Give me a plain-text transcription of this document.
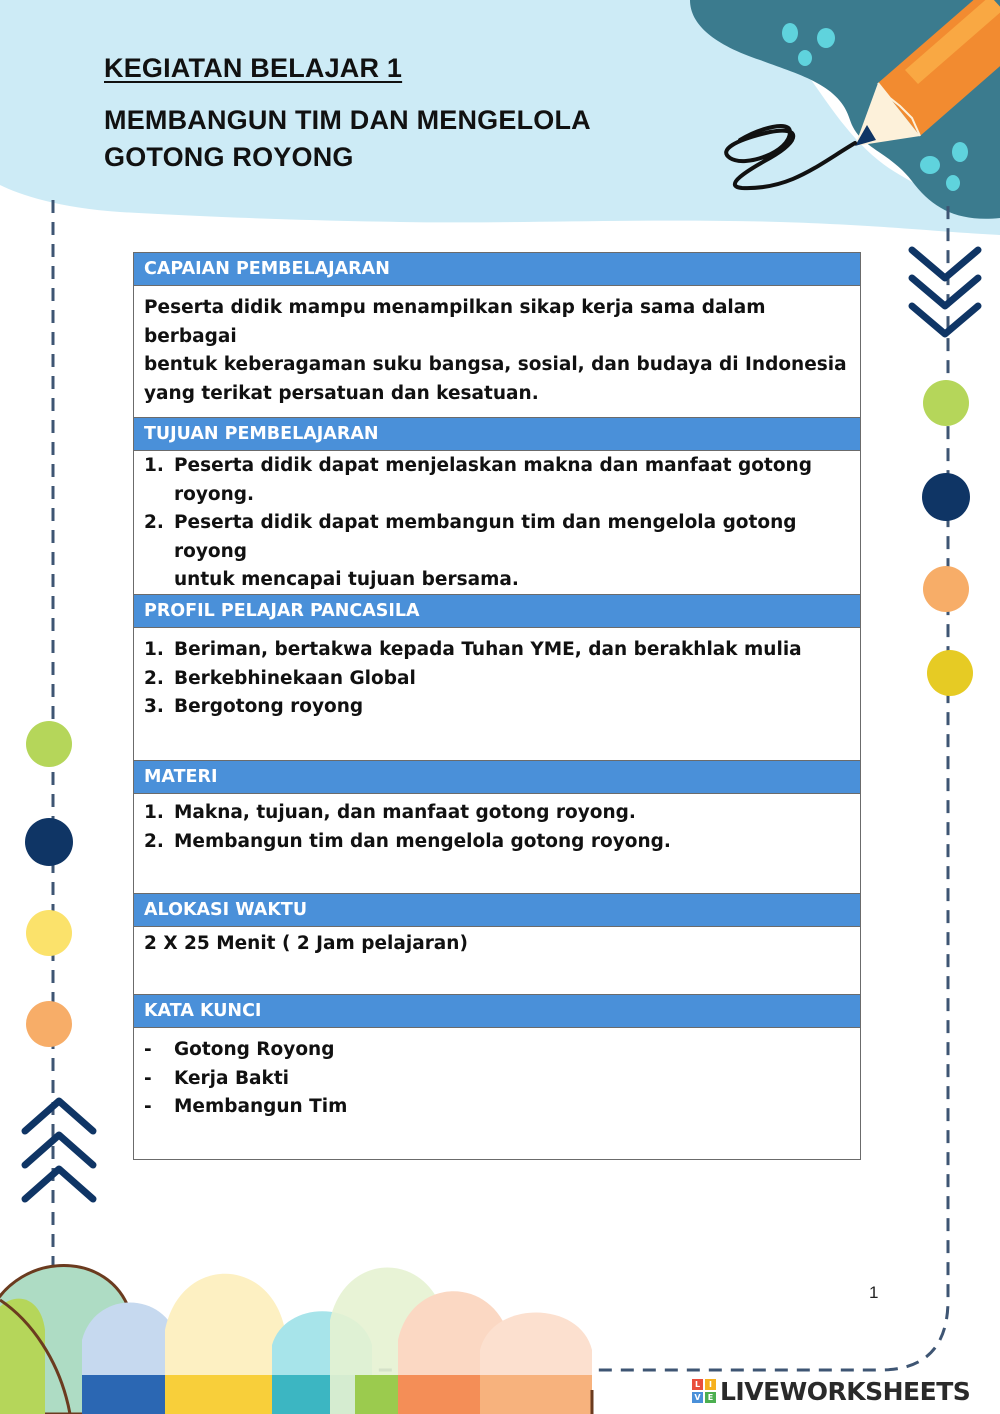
KEGIATAN BELAJAR 1
MEMBANGUN TIM DAN MENGELOLA
GOTONG ROYONG
CAPAIAN PEMBELAJARAN

Peserta didik mampu menampilkan sikap kerja sama dalam berbagai

bentuk keberagaman suku bangsa, sosial, dan budaya di Indonesia

yang terikat persatuan dan kesatuan.

TUJUAN PEMBELAJARAN
1. Peserta didik dapat menjelaskan makna dan manfaat gotong
royong.
2. Peserta didik dapat membangun tim dan mengelola gotong royong
untuk mencapai tujuan bersama.
PROFIL PELAJAR PANCASILA
1. Beriman, bertakwa kepada Tuhan YME, dan berakhlak mulia
2. Berkebhinekaan Global
3. Bergotong royong
MATERI
1. Makna, tujuan, dan manfaat gotong royong.
2. Membangun tim dan mengelola gotong royong.
ALOKASI WAKTU

2 X 25 Menit ( 2 Jam pelajaran)

KATA KUNCI
- Gotong Royong
- Kerja Bakti
- Membangun Tim
1
L	I
V E LIVEWORKSHEETS
